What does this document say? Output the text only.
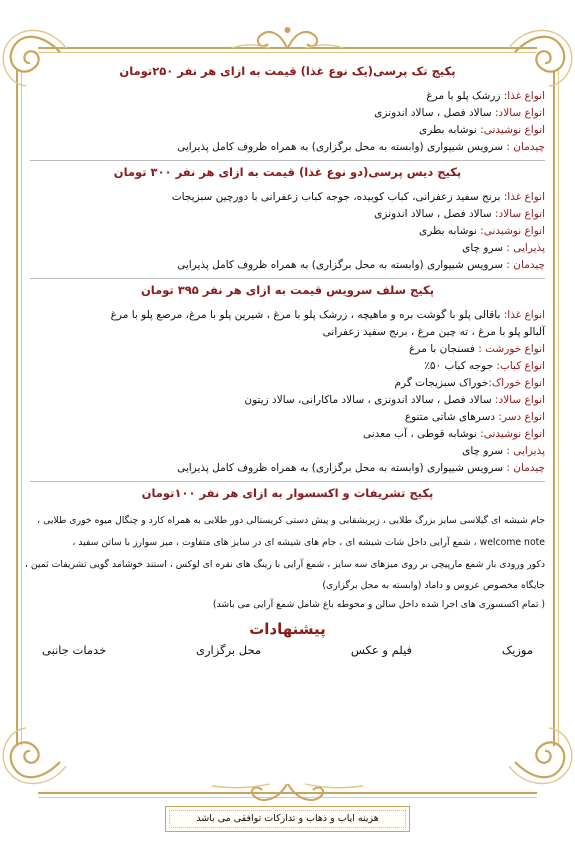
پکیج تک پرسی(یک نوع غذا) قیمت به ازای هر نفر ۲۵۰تومان
انواع غذا: زرشک پلو با مرغ
انواع سالاد: سالاد فصل ، سالاد اندونزی
انواع نوشیدنی: نوشابه بطری
چیدمان : سرویس شیپواری (وابسته به محل برگزاری) به همراه ظروف کامل پذیرایی
پکیج دیس پرسی(دو نوع غذا) قیمت به ازای هر نفر ۳۰۰ تومان
انواع غذا: برنج سفید زعفرانی، کباب کوبیده، جوجه کباب زعفرانی با دورچین سبزیجات
انواع سالاد: سالاد فصل ، سالاد اندونزی
انواع نوشیدنی: نوشابه بطری
پذیرایی : سرو چای
چیدمان : سرویس شیپواری (وابسته به محل برگزاری) به همراه ظروف کامل پذیرایی
پکیج سلف سرویس قیمت به ازای هر نفر ۳۹۵ تومان
انواع غذا: باقالی پلو با گوشت بره و ماهیچه ، زرشک پلو با مرغ ، شیرین پلو با مرغ، مرصع پلو با مرغ
آلبالو پلو با مرغ ، ته چین مرغ ، برنج سفید زعفرانی
انواع خورشت : فسنجان با مرغ
انواع کباب: جوجه کباب ۵۰٪
انواع خوراک:خوراک سبزیجات گرم
انواع سالاد: سالاد فصل ، سالاد اندونزی ، سالاد ماکارانی، سالاد زیتون
انواع دسر: دسرهای شاتی متنوع
انواع نوشیدنی: نوشابه قوطی ، آب معدنی
پذیرایی : سرو چای
چیدمان : سرویس شیپواری (وابسته به محل برگزاری) به همراه ظروف کامل پذیرایی
پکیج تشریفات و اکسسوار به ازای هر نفر ۱۰۰تومان
جام شیشه ای گیلاسی سایز بزرگ طلایی ، زیربشقابی و پیش دستی کریستالی دور طلایی به همراه کارد و چنگال میوه خوری طلایی ،
welcome note ، شمع آرایی داخل شات شیشه ای ، جام های شیشه ای در سایز های متفاوت ، میز سوارز با ساتن سفید ،
دکور ورودی بار شمع مارپیچی بر روی میزهای سه سایز ، شمع آرایی با رینگ های نقره ای لوکس ، استند خوشامد گویی تشریفات ثمین ،
جایگاه مخصوص عروس و داماد (وابسته به محل برگزاری)
( تمام اکسسوری های اجرا شده داخل سالن و محوطه باغ شامل شمع آرایی می باشد)
پیشنهادات
موزیک
فیلم و عکس
محل برگزاری
خدمات جانبی
هزینه ایاب و ذهاب و تدارکات توافقی می باشد
